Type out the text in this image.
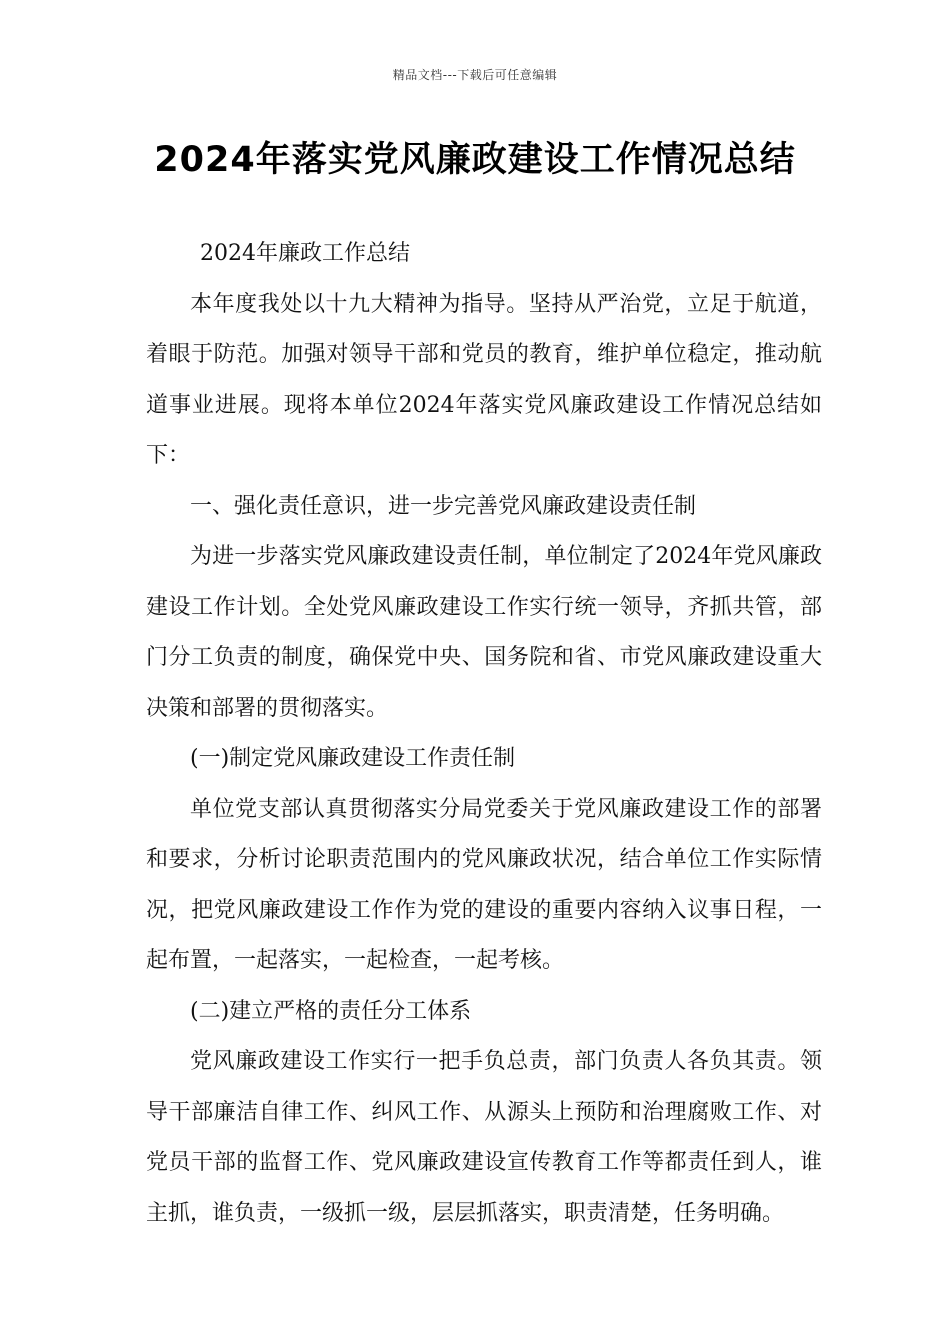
精品文档---下载后可任意编辑
2024年落实党风廉政建设工作情况总结

2024年廉政工作总结

本年度我处以十九大精神为指导。坚持从严治党，立足于航道，着眼于防范。加强对领导干部和党员的教育，维护单位稳定，推动航道事业进展。现将本单位2024年落实党风廉政建设工作情况总结如下：

一、强化责任意识，进一步完善党风廉政建设责任制

为进一步落实党风廉政建设责任制，单位制定了2024年党风廉政建设工作计划。全处党风廉政建设工作实行统一领导，齐抓共管，部门分工负责的制度，确保党中央、国务院和省、市党风廉政建设重大决策和部署的贯彻落实。

(一)制定党风廉政建设工作责任制

单位党支部认真贯彻落实分局党委关于党风廉政建设工作的部署和要求，分析讨论职责范围内的党风廉政状况，结合单位工作实际情况，把党风廉政建设工作作为党的建设的重要内容纳入议事日程，一起布置，一起落实，一起检查，一起考核。

(二)建立严格的责任分工体系

党风廉政建设工作实行一把手负总责，部门负责人各负其责。领导干部廉洁自律工作、纠风工作、从源头上预防和治理腐败工作、对党员干部的监督工作、党风廉政建设宣传教育工作等都责任到人，谁主抓，谁负责，一级抓一级，层层抓落实，职责清楚，任务明确。
